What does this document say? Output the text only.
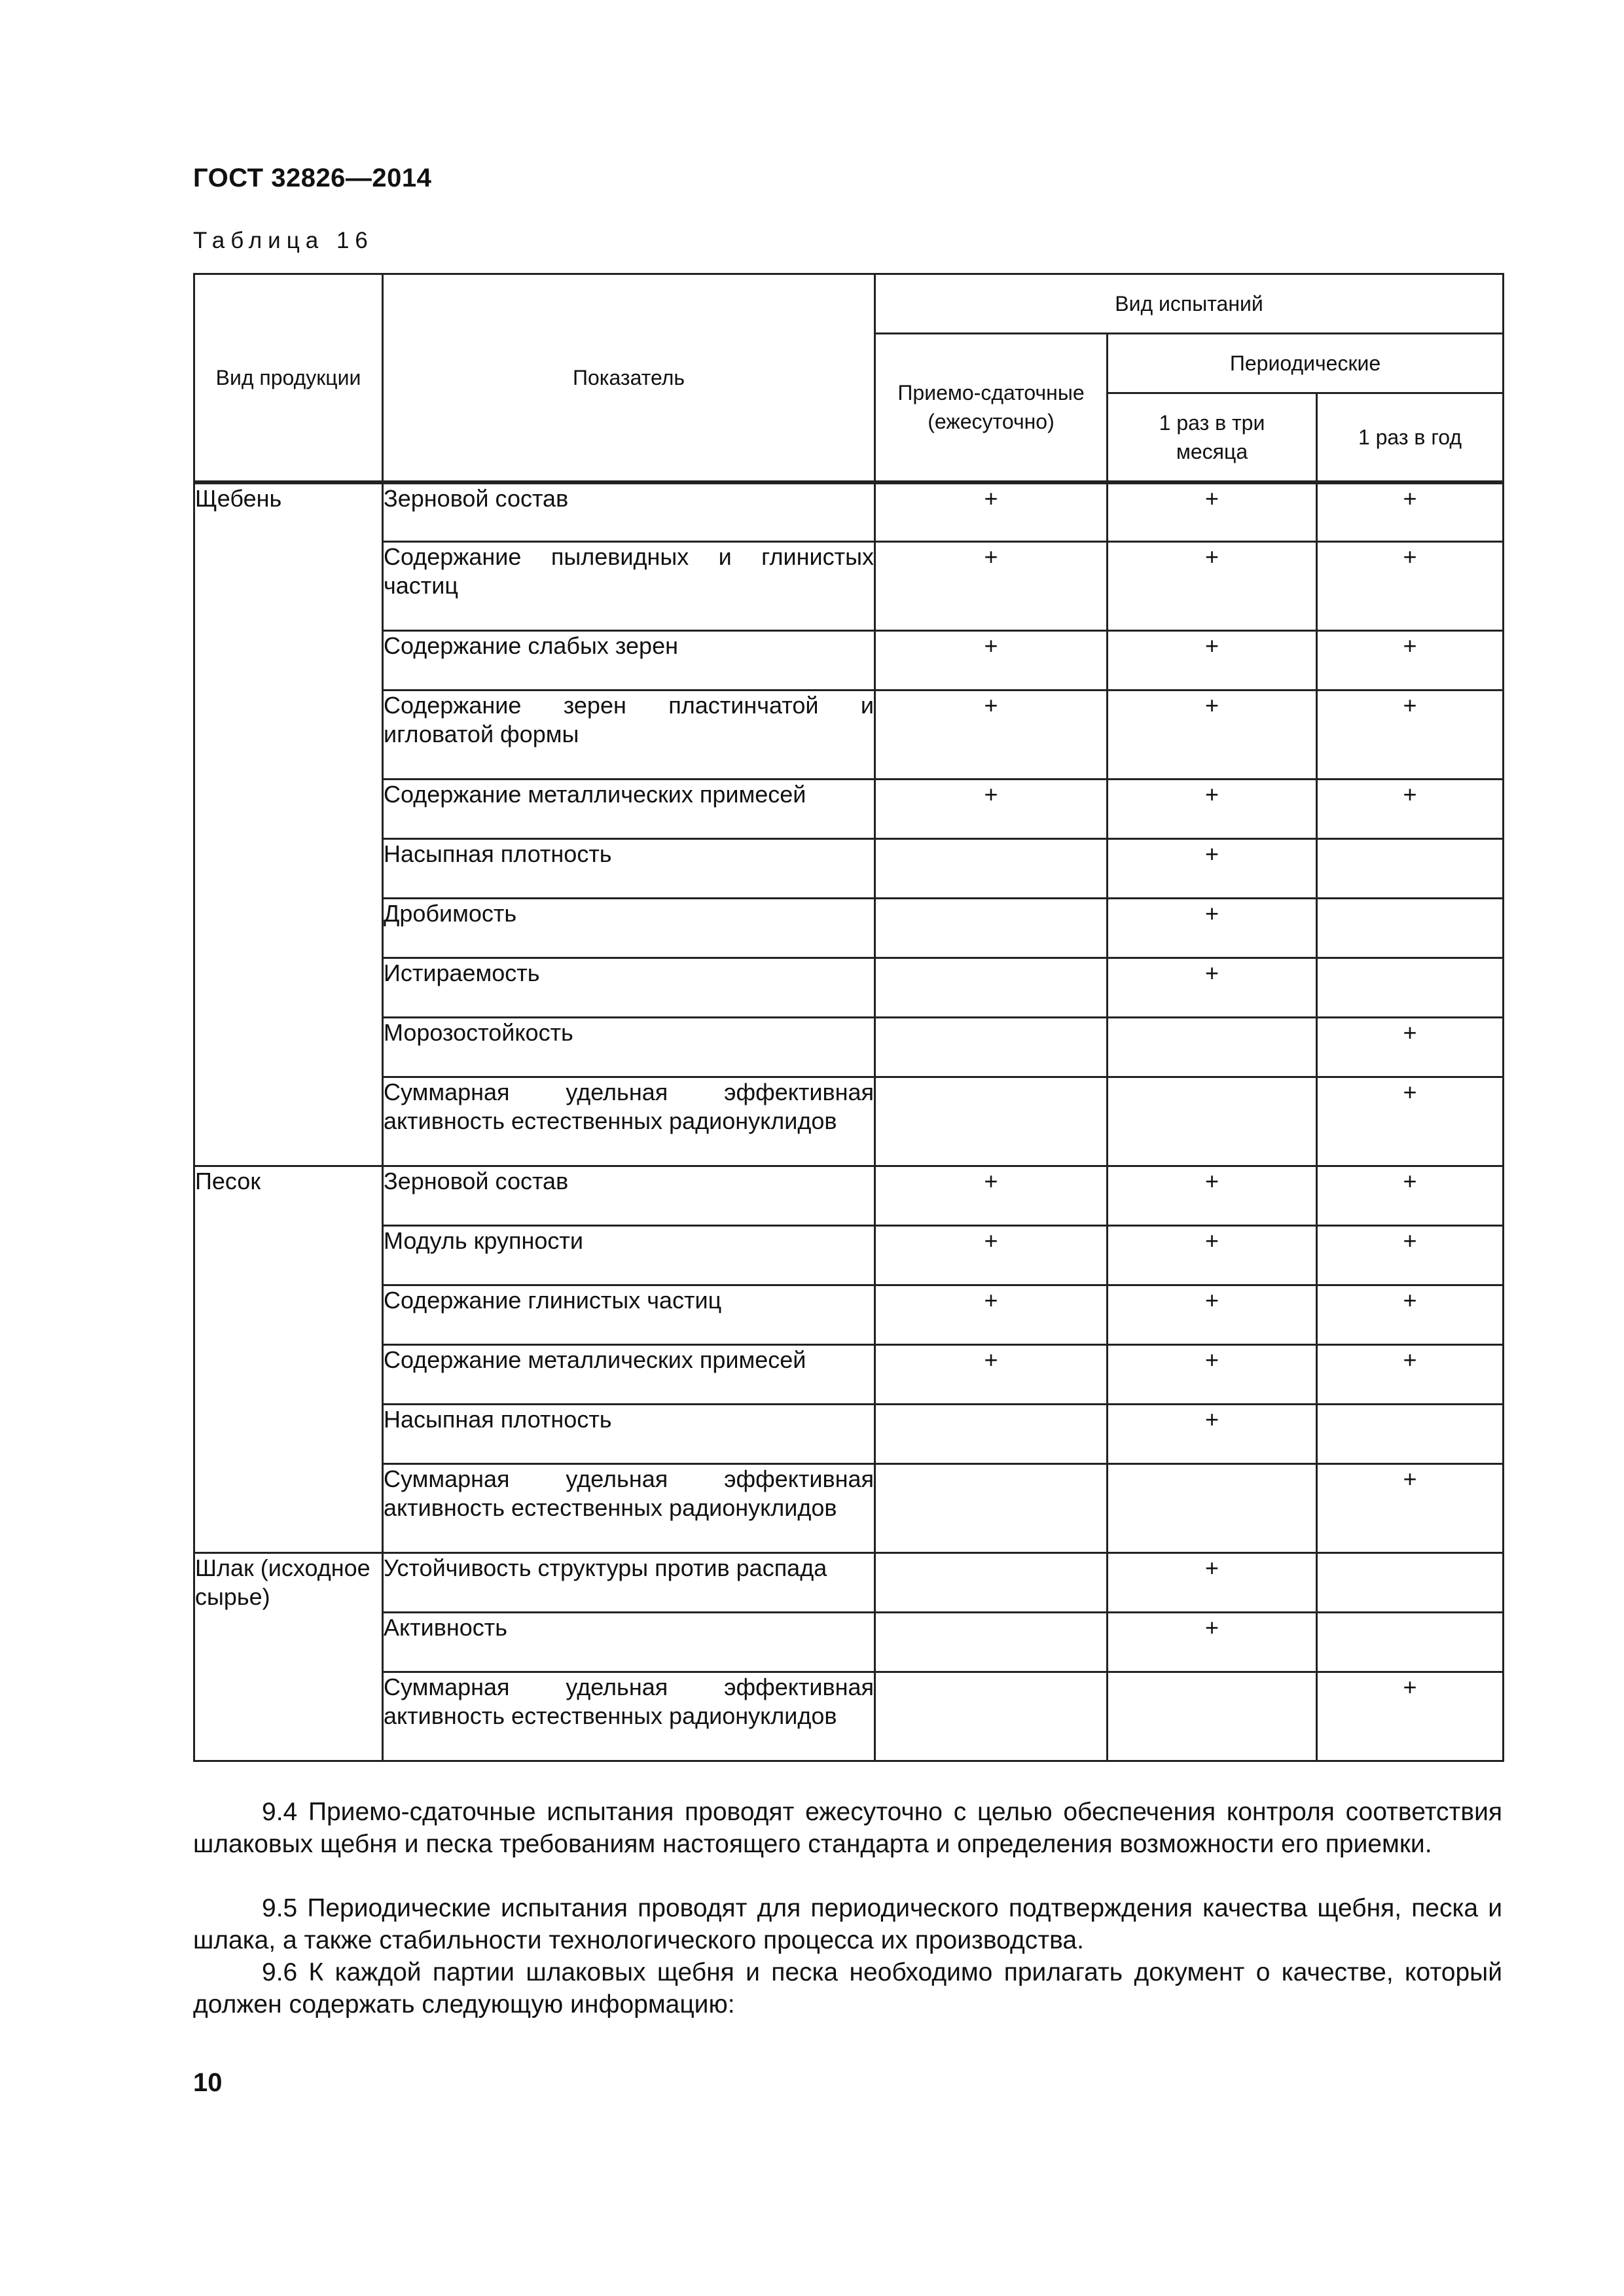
ГОСТ 32826—2014
Таблица 16
Вид продукции	Показатель	Вид испытаний		
		Приемо-сдаточные (ежесуточно)	Периодические	
			1 раз в три месяца	1 раз в год
Щебень	Зерновой состав	+	+	+
	Содержание пылевидных и глинистых частиц	+	+	+
	Содержание слабых зерен	+	+	+
	Содержание зерен пластинчатой и игловатой формы	+	+	+
	Содержание металлических примесей	+	+	+
	Насыпная плотность		+	
	Дробимость		+	
	Истираемость		+	
	Морозостойкость			+
	Суммарная удельная эффективная активность естественных радионуклидов			+
Песок	Зерновой состав	+	+	+
	Модуль крупности	+	+	+
	Содержание глинистых частиц	+	+	+
	Содержание металлических примесей	+	+	+
	Насыпная плотность		+	
	Суммарная удельная эффективная активность естественных радионуклидов			+
Шлак (исходное сырье)	Устойчивость структуры против распада		+	
	Активность		+	
	Суммарная удельная эффективная активность естественных радионуклидов			+

9.4 Приемо-сдаточные испытания проводят ежесуточно с целью обеспечения контроля соответствия шлаковых щебня и песка требованиям настоящего стандарта и определения возможности его приемки.

9.5 Периодические испытания проводят для периодического подтверждения качества щебня, песка и шлака, а также стабильности технологического процесса их производства.

9.6 К каждой партии шлаковых щебня и песка необходимо прилагать документ о качестве, который должен содержать следующую информацию:

10
